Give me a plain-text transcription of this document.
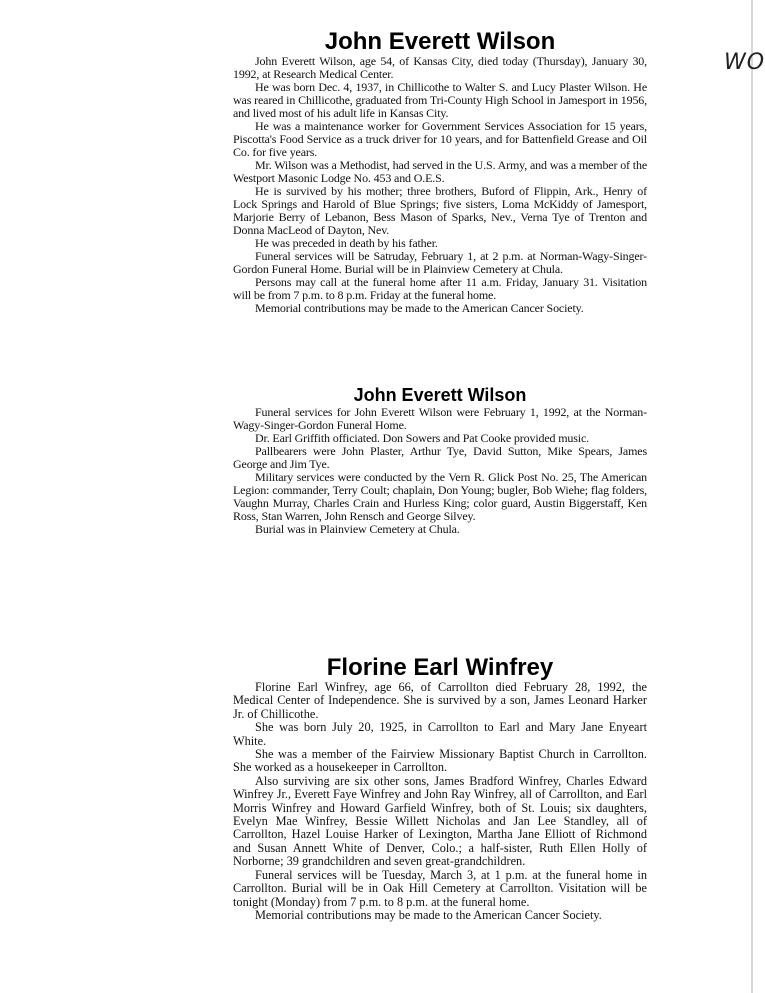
WO
John Everett Wilson

John Everett Wilson, age 54, of Kansas City, died today (Thursday), January 30, 1992, at Research Medical Center.

He was born Dec. 4, 1937, in Chillicothe to Walter S. and Lucy Plaster Wilson. He was reared in Chillicothe, graduated from Tri-County High School in Jamesport in 1956, and lived most of his adult life in Kansas City.

He was a maintenance worker for Government Services Association for 15 years, Piscotta's Food Service as a truck driver for 10 years, and for Battenfield Grease and Oil Co. for five years.

Mr. Wilson was a Methodist, had served in the U.S. Army, and was a member of the Westport Masonic Lodge No. 453 and O.E.S.

He is survived by his mother; three brothers, Buford of Flippin, Ark., Henry of Lock Springs and Harold of Blue Springs; five sisters, Loma McKiddy of Jamesport, Marjorie Berry of Lebanon, Bess Mason of Sparks, Nev., Verna Tye of Trenton and Donna MacLeod of Dayton, Nev.

He was preceded in death by his father.

Funeral services will be Satruday, February 1, at 2 p.m. at Norman-Wagy-Singer-Gordon Funeral Home. Burial will be in Plainview Cemetery at Chula.

Persons may call at the funeral home after 11 a.m. Friday, January 31. Visitation will be from 7 p.m. to 8 p.m. Friday at the funeral home.

Memorial contributions may be made to the American Cancer Society.

John Everett Wilson

Funeral services for John Everett Wilson were February 1, 1992, at the Norman-Wagy-Singer-Gordon Funeral Home.

Dr. Earl Griffith officiated. Don Sowers and Pat Cooke provided music.

Pallbearers were John Plaster, Arthur Tye, David Sutton, Mike Spears, James George and Jim Tye.

Military services were conducted by the Vern R. Glick Post No. 25, The American Legion: commander, Terry Coult; chaplain, Don Young; bugler, Bob Wiehe; flag folders, Vaughn Murray, Charles Crain and Hurless King; color guard, Austin Biggerstaff, Ken Ross, Stan Warren, John Rensch and George Silvey.

Burial was in Plainview Cemetery at Chula.

Florine Earl Winfrey

Florine Earl Winfrey, age 66, of Carrollton died February 28, 1992, the Medical Center of Independence. She is survived by a son, James Leonard Harker Jr. of Chillicothe.

She was born July 20, 1925, in Carrollton to Earl and Mary Jane Enyeart White.

She was a member of the Fairview Missionary Baptist Church in Carrollton. She worked as a housekeeper in Carrollton.

Also surviving are six other sons, James Bradford Winfrey, Charles Edward Winfrey Jr., Everett Faye Winfrey and John Ray Winfrey, all of Carrollton, and Earl Morris Winfrey and Howard Garfield Winfrey, both of St. Louis; six daughters, Evelyn Mae Winfrey, Bessie Willett Nicholas and Jan Lee Standley, all of Carrollton, Hazel Louise Harker of Lexington, Martha Jane Elliott of Richmond and Susan Annett White of Denver, Colo.; a half-sister, Ruth Ellen Holly of Norborne; 39 grandchildren and seven great-grandchildren.

Funeral services will be Tuesday, March 3, at 1 p.m. at the funeral home in Carrollton. Burial will be in Oak Hill Cemetery at Carrollton. Visitation will be tonight (Monday) from 7 p.m. to 8 p.m. at the funeral home.

Memorial contributions may be made to the American Cancer Society.
